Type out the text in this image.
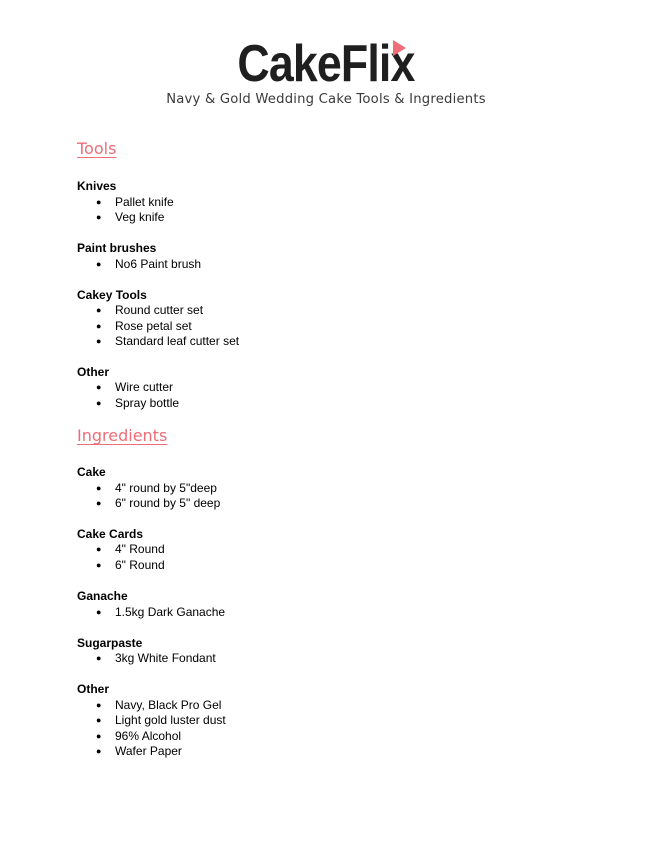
CakeFlix
Navy & Gold Wedding Cake Tools & Ingredients
Tools
Knives
● Pallet knife
● Veg knife
Paint brushes
● No6 Paint brush
Cakey Tools
● Round cutter set
● Rose petal set
● Standard leaf cutter set
Other
● Wire cutter
● Spray bottle
Ingredients
Cake
● 4" round by 5"deep
● 6" round by 5" deep
Cake Cards
● 4" Round
● 6" Round
Ganache
● 1.5kg Dark Ganache
Sugarpaste
● 3kg White Fondant
Other
● Navy, Black Pro Gel
● Light gold luster dust
● 96% Alcohol
● Wafer Paper
